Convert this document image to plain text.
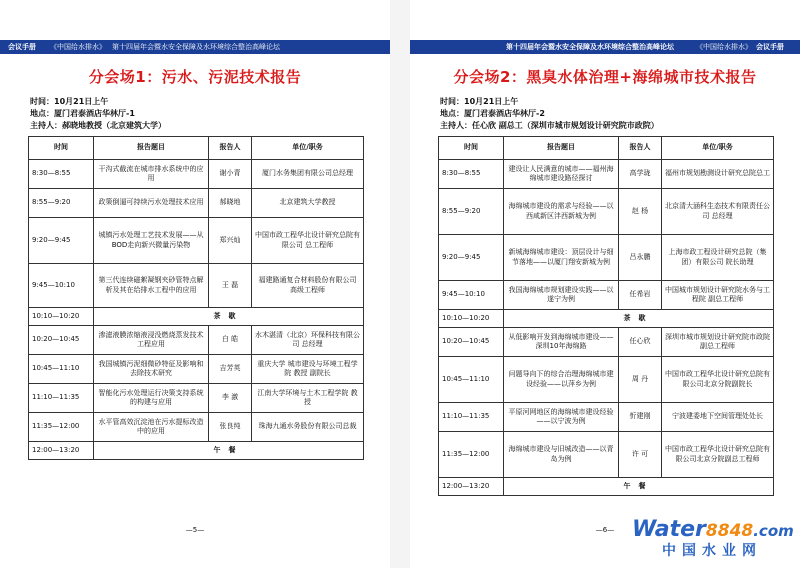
会议手册 《中国给水排水》 第十四届年会暨水安全保障及水环境综合整治高峰论坛
分会场1：污水、污泥技术报告
时间：10月21日上午
地点：厦门君泰酒店华林厅-1
主持人：郝晓地教授（北京建筑大学）
时间	报告题目	报告人	单位/职务
8:30—8:55	干沟式截流在城市排水系统中的应用	谢小青	厦门水务集团有限公司总经理
8:55—9:20	政策倒逼可持续污水处理技术应用	郝晓地	北京建筑大学教授
9:20—9:45	城镇污水处理工艺技术发展——从BOD走向新兴微量污染物	郑兴灿	中国市政工程华北设计研究总院有限公司 总工程师
9:45—10:10	第三代连续磁絮凝钢夹砂管特点解析及其在给排水工程中的应用	王 磊	福建路通复合材料股份有限公司 高级工程师
10:10—10:20	茶歇		
10:20—10:45	渗滤液膜浓缩液浸没燃烧蒸发技术工程应用	白 皓	水木湛清（北京）环保科技有限公司 总经理
10:45—11:10	我国城镇污泥细微砂特征及影响和去除技术研究	吉芳英	重庆大学 城市建设与环境工程学院 教授 副院长
11:10—11:35	智能化污水处理运行决策支持系统的构建与应用	李 激	江南大学环境与土木工程学院 教授
11:35—12:00	水平管高效沉淀池在污水提标改造中的应用	张良纯	珠海九通水务股份有限公司总裁
12:00—13:20	午餐		
—5—
第十四届年会暨水安全保障及水环境综合整治高峰论坛	《中国给水排水》 会议手册
分会场2：黑臭水体治理+海绵城市技术报告
时间：10月21日上午
地点：厦门君泰酒店华林厅-2
主持人：任心欣 副总工（深圳市城市规划设计研究院市政院）
时间	报告题目	报告人	单位/职务
8:30—8:55	建设让人民满意的城市——福州海绵城市建设路径探讨	高学珑	福州市规划勘测设计研究总院总工
8:55—9:20	海绵城市建设的需求与经验——以西咸新区沣西新城为例	赵 杨	北京清大涵科生态技术有限责任公司 总经理
9:20—9:45	新城海绵城市建设：顶层设计与细节落地——以厦门翔安新城为例	吕永鹏	上海市政工程设计研究总院（集团）有限公司 院长助理
9:45—10:10	我国海绵城市规划建设实践——以遂宁为例	任希岩	中国城市规划设计研究院水务与工程院 副总工程师
10:10—10:20	茶歇		
10:20—10:45	从低影响开发到海绵城市建设——深圳10年海绵路	任心欣	深圳市城市规划设计研究院市政院 副总工程师
10:45—11:10	问题导向下的综合治理海绵城市建设经验——以萍乡为例	周 丹	中国市政工程华北设计研究总院有限公司北京分院副院长
11:10—11:35	平原河网地区的海绵城市建设经验——以宁波为例	忻建刚	宁波建委地下空间管理处处长
11:35—12:00	海绵城市建设与旧城改造——以青岛为例	许 可	中国市政工程华北设计研究总院有限公司北京分院副总工程师
12:00—13:20	午餐		
—6— Water8848.com
中国水业网
